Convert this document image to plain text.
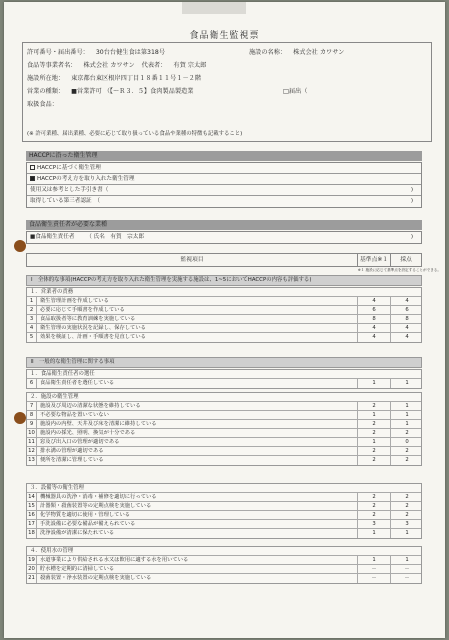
食品衛生監視票
許可番号・届出番号： 30台台健生食は第318号	施設の名称： 株式会社 カワサン
食品等事業者名： 株式会社 カワサン 代表者： 有賀 宗太郎
施設所在地： 東京都台東区根岸四丁目１８番１１号１－２階
営業の種類： ■営業許可 （【～Ｒ３．５】食肉製品製造業	□届出（
取扱食品：
(※ 許可業種、届出業種、必要に応じて取り扱っている食品や業種の特徴も記載すること)
HACCPに沿った衛生管理
HACCPに基づく衛生管理
HACCPの考え方を取り入れた衛生管理
使用又は参考とした手引き書（	)
取得している第三者認証　（	)
食品衛生責任者が必要な業種
■食品衛生責任者 （ 氏名　有賀　宗太郎	)
監視項目	基準点※１	採点
※１ 施設に応じて基準点を設定することができる。
Ⅰ　全体的な事項(HACCPの考え方を取り入れた衛生管理を実施する施設は、1~5においてHACCPの内容も評価する)
１．営業者の責務
1	衛生管理計画を作成している	4	4
2	必要に応じて手順書を作成している	6	6
3	食品取扱者等に教育訓練を実施している	8	8
4	衛生管理の実施状況を記録し、保存している	4	4
5	効果を検証し、計画・手順書を見直している	4	4
Ⅱ　一般的な衛生管理に関する事項
１．食品衛生責任者の選任
6	食品衛生責任者を選任している	1	1
２．施設の衛生管理
7	施設及び周辺の清潔な状態を維持している	2	1
8	不必要な物品を置いていない	1	1
9	施設内の内壁、天井及び床を清潔に維持している	2	1
10 施設内の採光、照明、換気が十分である	2	2
11 窓及び出入口の管理が適切である	1	0
12 排水溝の管理が適切である	2	2
13 便所を清潔に管理している	2	2
３．設備等の衛生管理
14 機械器具の洗浄・消毒・補修を適切に行っている	2	2
15 計器類・殺菌装置等の定期点検を実施している	2	2
16 化学物質を適切に使用・管理している	2	2
17 手洗設備に必要な備品が備えられている	3	3
18 洗浄設備が清潔に保たれている	1	1
４．使用水の管理
19 水道事業により供給される水又は飲用に適する水を用いている	1	1
20 貯水槽を定期的に清掃している	－	－
21 殺菌装置・浄水装置の定期点検を実施している	－	－
